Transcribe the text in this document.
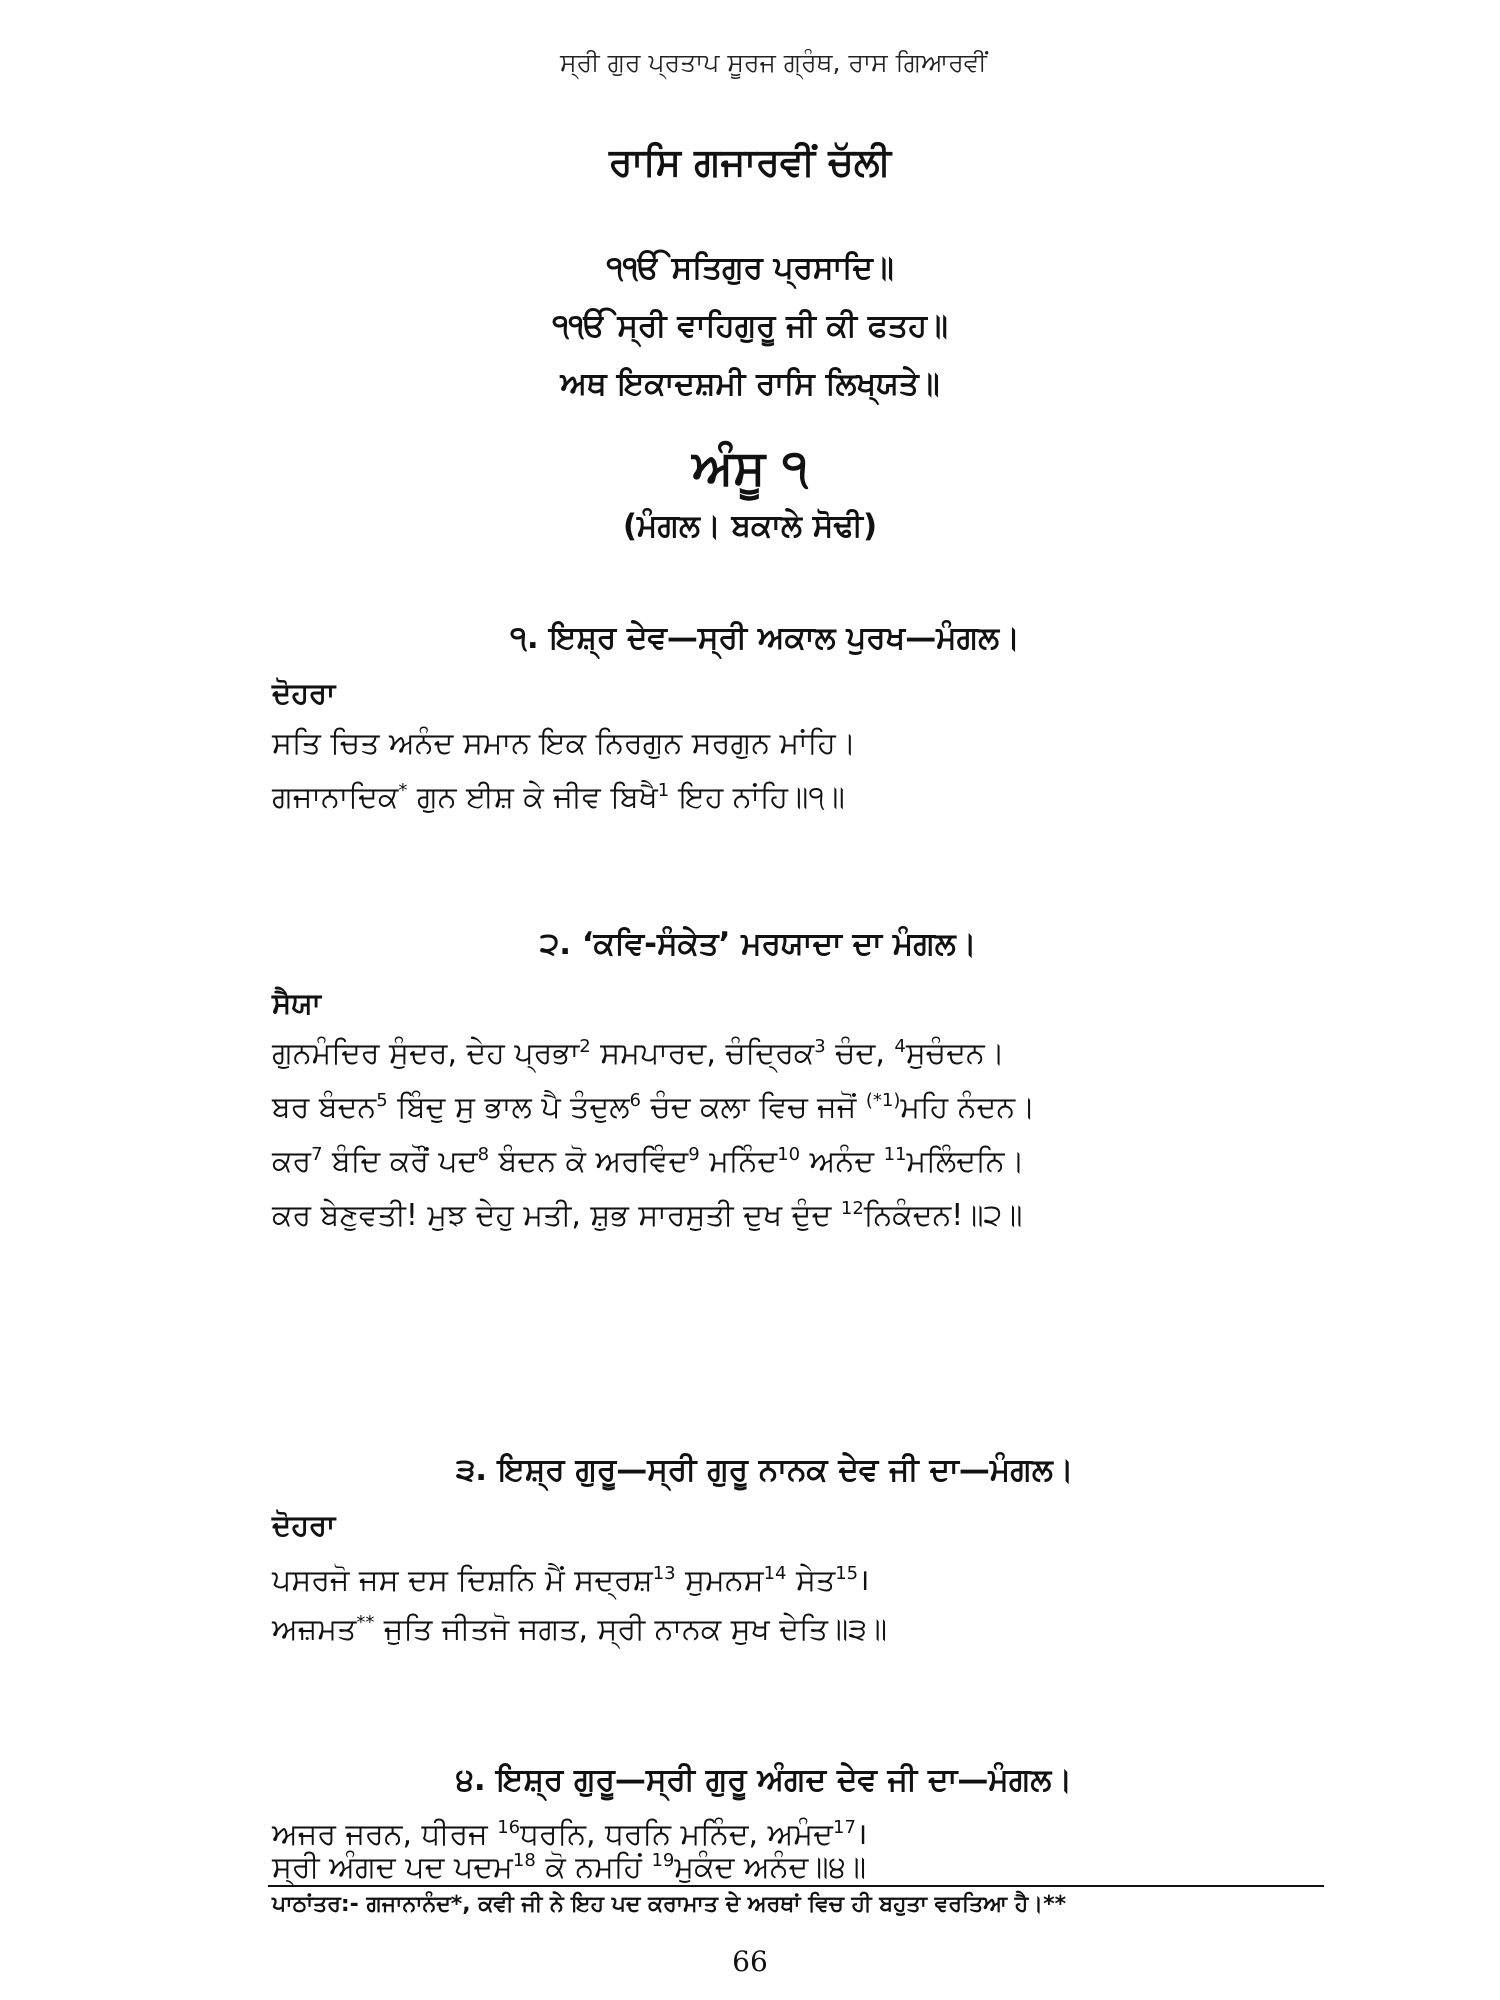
ਸ੍ਰੀ ਗੁਰ ਪ੍ਰਤਾਪ ਸੂਰਜ ਗ੍ਰੰਥ, ਰਾਸ ਗਿਆਰਵੀਂ
ਰਾਸਿ ਗਜਾਰਵੀਂ ਚੱਲੀ
੧ੴ ਸਤਿਗੁਰ ਪ੍ਰਸਾਦਿ॥
੧ੴ ਸ੍ਰੀ ਵਾਹਿਗੁਰੂ ਜੀ ਕੀ ਫਤਹ॥
ਅਥ ਇਕਾਦਸ਼ਮੀ ਰਾਸਿ ਲਿਖ੍ਯਤੇ॥
ਅੰਸੂ ੧
(ਮੰਗਲ। ਬਕਾਲੇ ਸੋਢੀ)
੧. ਇਸ਼੍ਰ ਦੇਵ—ਸ੍ਰੀ ਅਕਾਲ ਪੁਰਖ—ਮੰਗਲ।
ਦੋਹਰਾ
ਸਤਿ ਚਿਤ ਅਨੰਦ ਸਮਾਨ ਇਕ ਨਿਰਗੁਨ ਸਰਗੁਨ ਮਾਂਹਿ।
ਗਜਾਨਾਦਿਕ* ਗੁਨ ਈਸ਼ ਕੇ ਜੀਵ ਬਿਖੈ$^1$ ਇਹ ਨਾਂਹਿ॥੧॥
੨. ‘ਕਵਿ-ਸੰਕੇਤ’ ਮਰਯਾਦਾ ਦਾ ਮੰਗਲ।
ਸੈਯਾ
ਗੁਨਮੰਦਿਰ ਸੁੰਦਰ, ਦੇਹ ਪ੍ਰਭਾ$^2$ ਸਮਪਾਰਦ, ਚੰਦ੍ਰਿਕ$^3$ ਚੰਦ, $^4$ਸੁਚੰਦਨ।
ਬਰ ਬੰਦਨ$^5$ ਬਿੰਦੁ ਸੁ ਭਾਲ ਪੈ ਤੰਦੁਲ$^6$ ਚੰਦ ਕਲਾ ਵਿਚ ਜਜੋਂ $^{(*1)}$ਮਹਿ ਨੰਦਨ।
ਕਰ$^7$ ਬੰਦਿ ਕਰੌਂ ਪਦ$^8$ ਬੰਦਨ ਕੋ ਅਰਵਿੰਦ$^9$ ਮਨਿੰਦ$^{10}$ ਅਨੰਦ $^{11}$ਮਲਿੰਦਨਿ।
ਕਰ ਬੇਣੁਵਤੀ! ਮੁਝ ਦੇਹੁ ਮਤੀ, ਸ਼ੁਭ ਸਾਰਸੁਤੀ ਦੁਖ ਦੁੰਦ $^{12}$ਨਿਕੰਦਨ!॥੨॥
੩. ਇਸ਼੍ਰ ਗੁਰੂ—ਸ੍ਰੀ ਗੁਰੂ ਨਾਨਕ ਦੇਵ ਜੀ ਦਾ—ਮੰਗਲ।
ਦੋਹਰਾ
ਪਸਰਜੋ ਜਸ ਦਸ ਦਿਸ਼ਨਿ ਮੈਂ ਸਦ੍ਰਸ਼$^{13}$ ਸੁਮਨਸ$^{14}$ ਸੇਤ$^{15}$।
ਅਜ਼ਮਤ** ਜੁਤਿ ਜੀਤਜੋ ਜਗਤ, ਸ੍ਰੀ ਨਾਨਕ ਸੁਖ ਦੇਤਿ॥੩॥
੪. ਇਸ਼੍ਰ ਗੁਰੂ—ਸ੍ਰੀ ਗੁਰੂ ਅੰਗਦ ਦੇਵ ਜੀ ਦਾ—ਮੰਗਲ।
ਅਜਰ ਜਰਨ, ਧੀਰਜ $^{16}$ਧਰਨਿ, ਧਰਨਿ ਮਨਿੰਦ, ਅਮੰਦ$^{17}$।
ਸ੍ਰੀ ਅੰਗਦ ਪਦ ਪਦਮ$^{18}$ ਕੋ ਨਮਹਿਂ $^{19}$ਮੁਕੰਦ ਅਨੰਦ॥੪॥
ਪਾਠਾਂਤਰ:- ਗਜਾਨਾਨੰਦ*, ਕਵੀ ਜੀ ਨੇ ਇਹ ਪਦ ਕਰਾਮਾਤ ਦੇ ਅਰਥਾਂ ਵਿਚ ਹੀ ਬਹੁਤਾ ਵਰਤਿਆ ਹੈ।**
66
